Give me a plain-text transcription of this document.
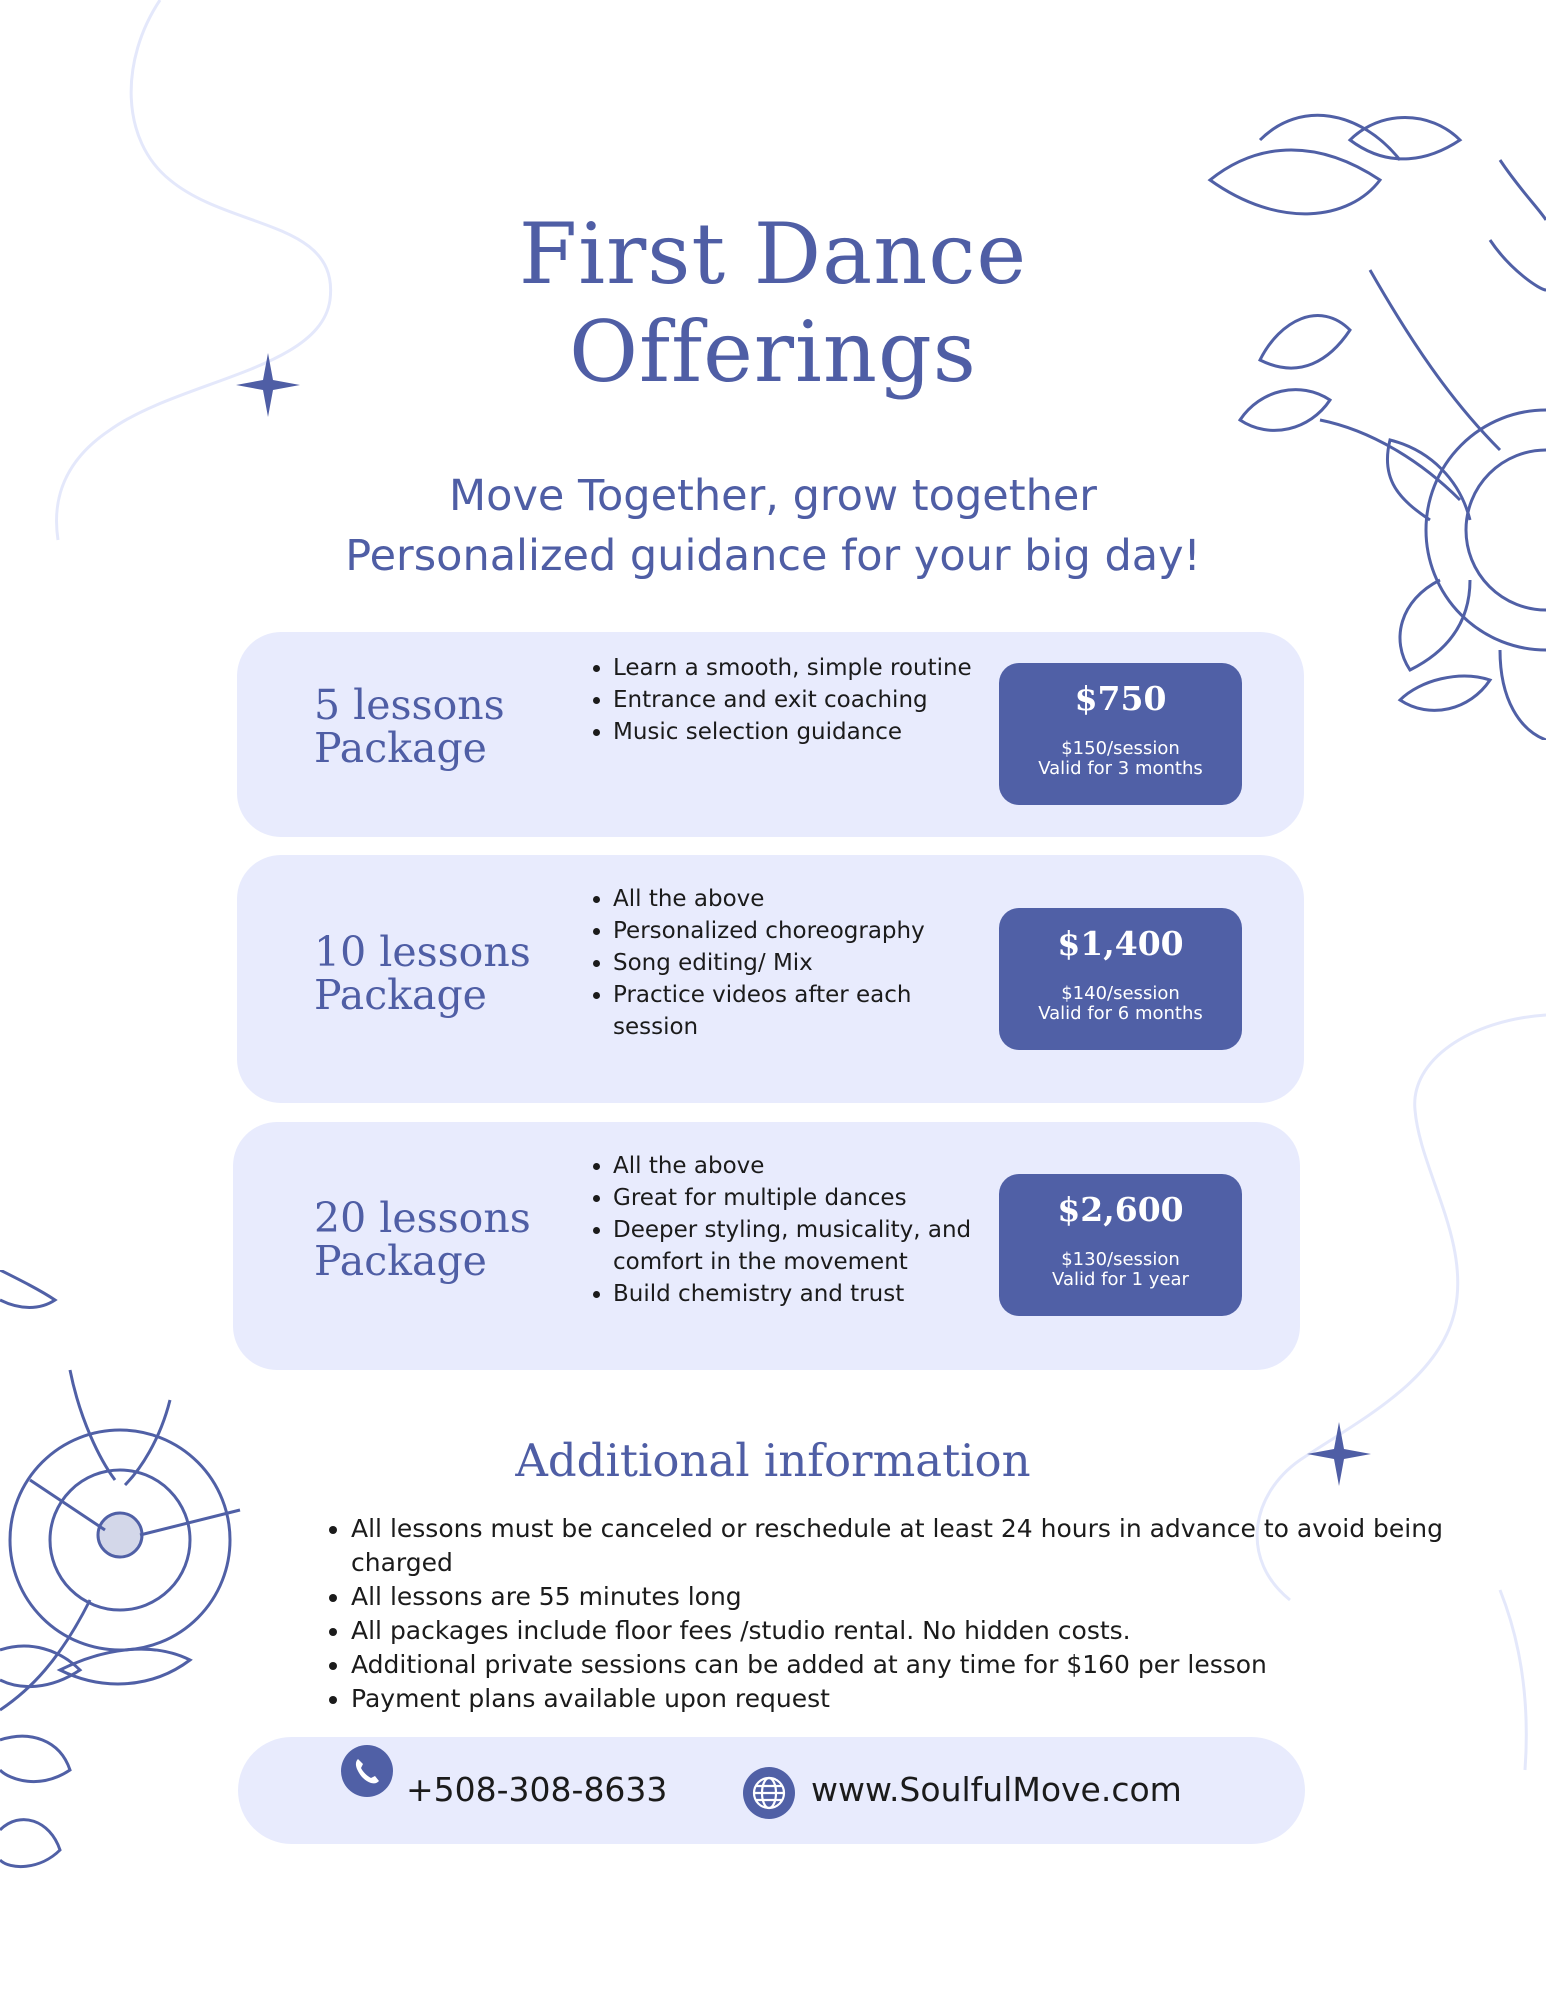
First Dance
Offerings
Move Together, grow together
Personalized guidance for your big day!
5 lessons
Package
• Learn a smooth, simple routine
• Entrance and exit coaching
• Music selection guidance
$750
$150/session
Valid for 3 months
10 lessons
Package
• All the above
• Personalized choreography
• Song editing/ Mix
• Practice videos after each session
$1,400
$140/session
Valid for 6 months
20 lessons
Package
• All the above
• Great for multiple dances
• Deeper styling, musicality, and comfort in the movement
• Build chemistry and trust
$2,600
$130/session
Valid for 1 year
Additional information
• All lessons must be canceled or reschedule at least 24 hours in advance to avoid being charged
• All lessons are 55 minutes long
• All packages include floor fees /studio rental. No hidden costs.
• Additional private sessions can be added at any time for $160 per lesson
• Payment plans available upon request
+508-308-8633	www.SoulfulMove.com
